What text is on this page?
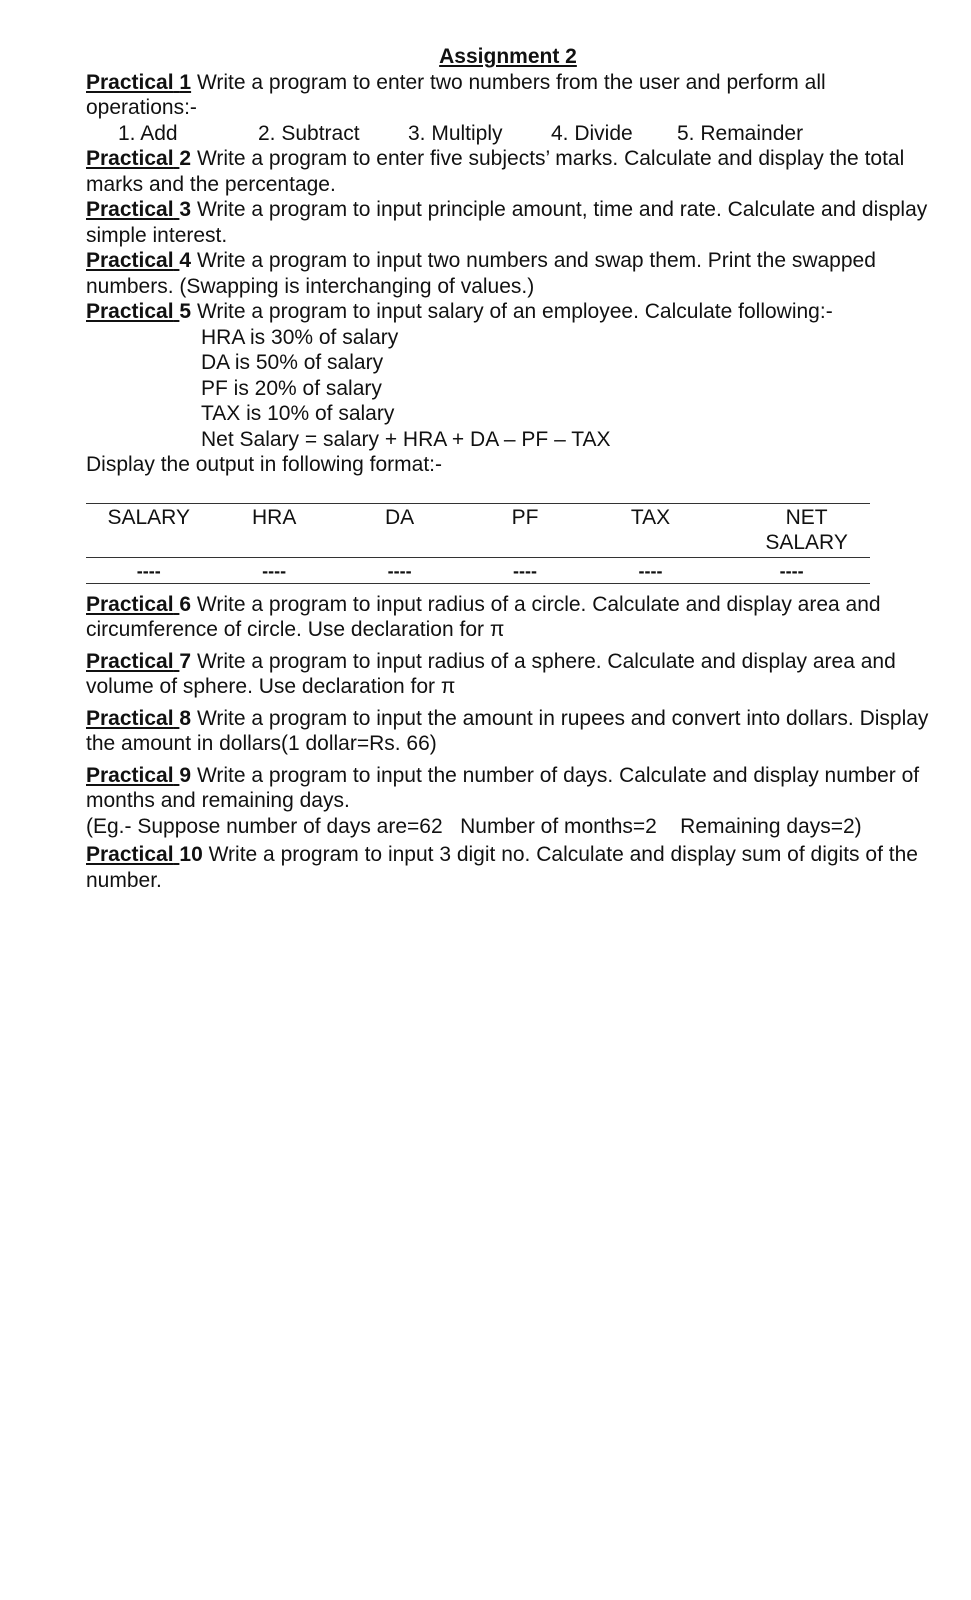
Assignment 2

Practical 1 Write a program to enter two numbers from the user and perform all operations:-

1. Add	2. Subtract 3. Multiply 4. Divide 5. Remainder

Practical 2 Write a program to enter five subjects’ marks. Calculate and display the total marks and the percentage.

Practical 3 Write a program to input principle amount, time and rate. Calculate and display simple interest.

Practical 4 Write a program to input two numbers and swap them. Print the swapped numbers. (Swapping is interchanging of values.)

Practical 5 Write a program to input salary of an employee. Calculate following:-

HRA is 30% of salary
DA is 50% of salary
PF is 20% of salary
TAX is 10% of salary
Net Salary = salary + HRA + DA – PF – TAX
Display the output in following format:-
SALARY	HRA	DA	PF	TAX	NET SALARY
----	----	----	----	----	----

Practical 6 Write a program to input radius of a circle. Calculate and display area and circumference of circle. Use declaration for π

Practical 7 Write a program to input radius of a sphere. Calculate and display area and volume of sphere. Use declaration for π

Practical 8 Write a program to input the amount in rupees and convert into dollars. Display the amount in dollars(1 dollar=Rs. 66)

Practical 9 Write a program to input the number of days. Calculate and display number of months and remaining days.

(Eg.- Suppose number of days are=62   Number of months=2    Remaining days=2)

Practical 10 Write a program to input 3 digit no. Calculate and display sum of digits of the number.
